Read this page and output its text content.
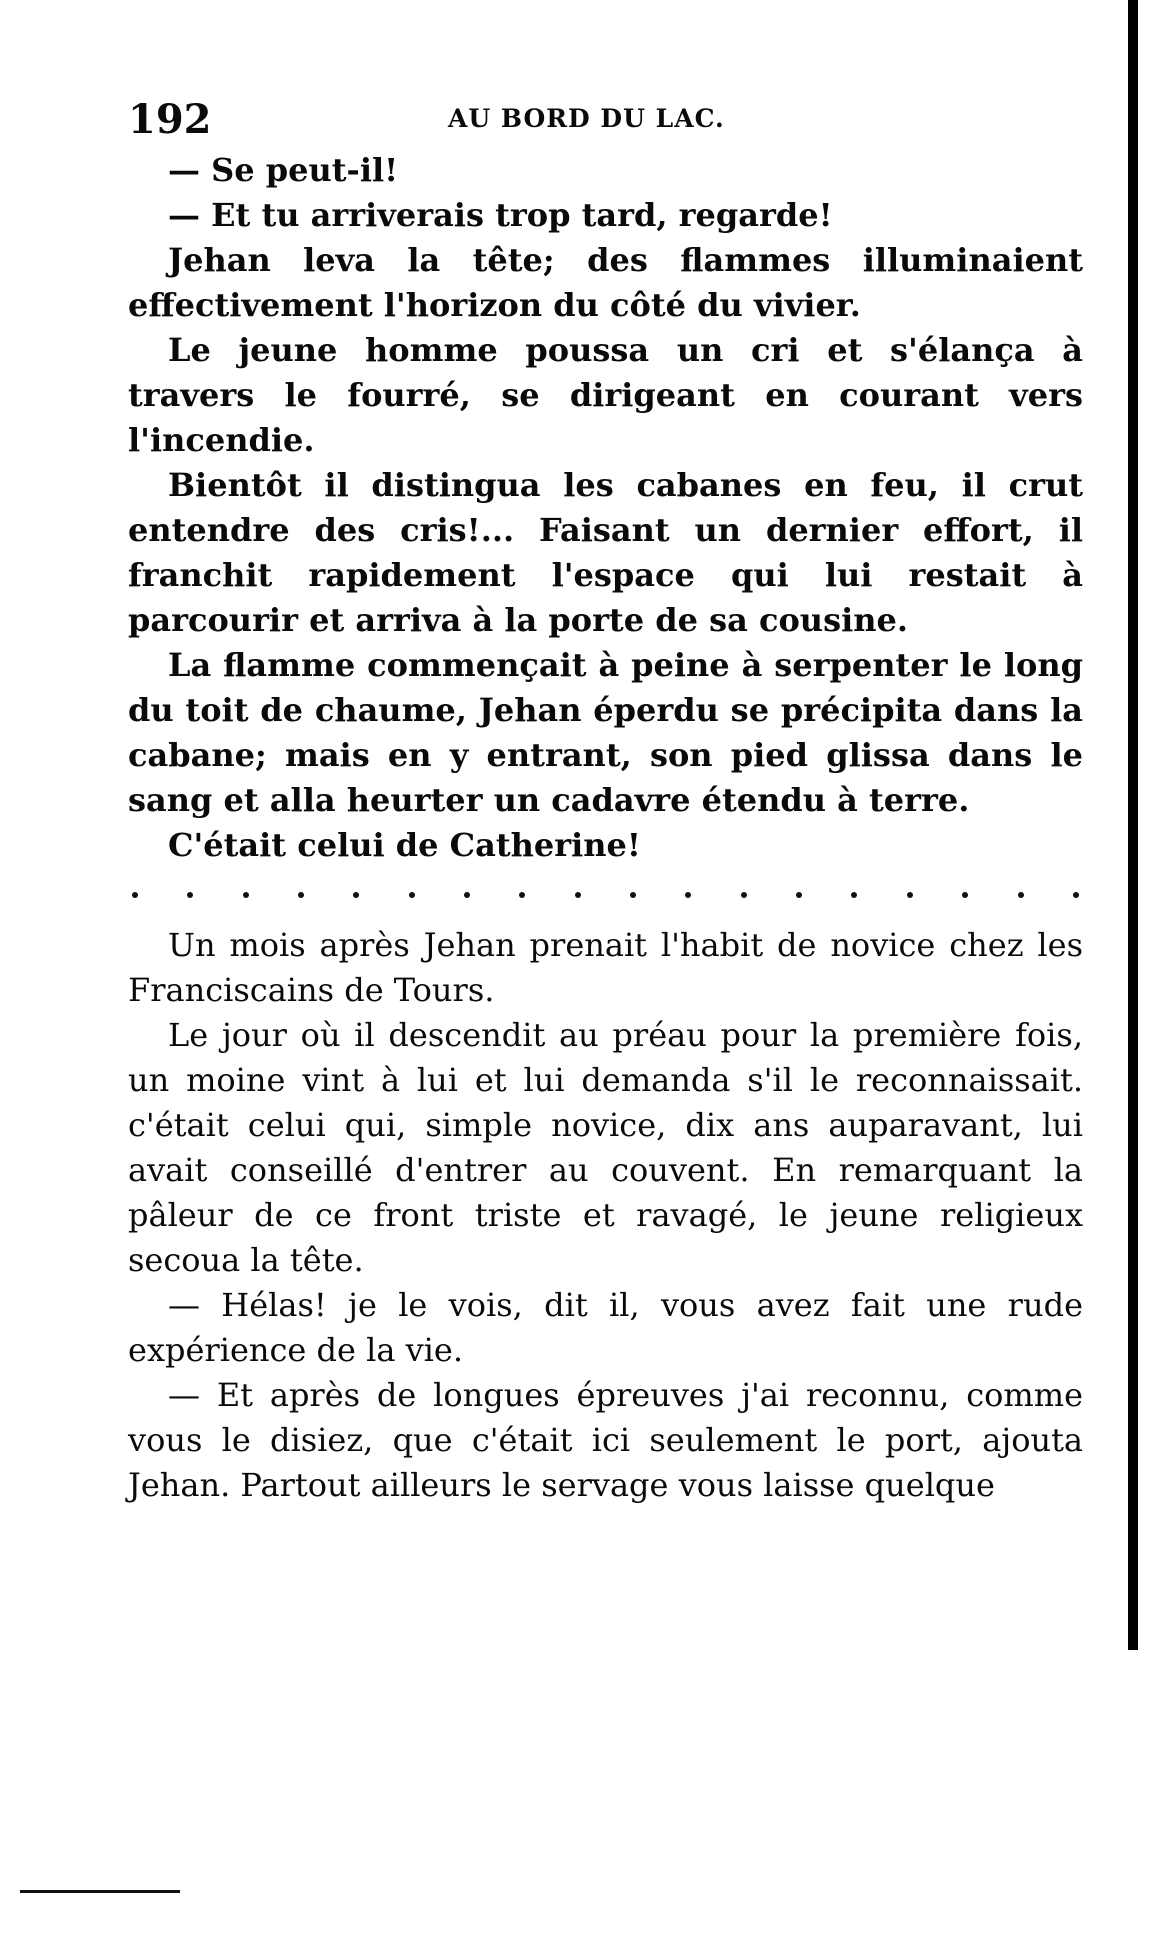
192	AU BORD DU LAC.

— Se peut-il!

— Et tu arriverais trop tard, regarde!

Jehan leva la tête; des flammes illuminaient effectivement l'horizon du côté du vivier.

Le jeune homme poussa un cri et s'élança à travers le fourré, se dirigeant en courant vers l'incendie.

Bientôt il distingua les cabanes en feu, il crut entendre des cris!... Faisant un dernier effort, il franchit rapidement l'espace qui lui restait à parcourir et arriva à la porte de sa cousine.

La flamme commençait à peine à serpenter le long du toit de chaume, Jehan éperdu se précipita dans la cabane; mais en y entrant, son pied glissa dans le sang et alla heurter un cadavre étendu à terre.

C'était celui de Catherine!

Un mois après Jehan prenait l'habit de novice chez les Franciscains de Tours.

Le jour où il descendit au préau pour la première fois, un moine vint à lui et lui demanda s'il le reconnaissait. c'était celui qui, simple novice, dix ans auparavant, lui avait conseillé d'entrer au couvent. En remarquant la pâleur de ce front triste et ravagé, le jeune religieux secoua la tête.

— Hélas! je le vois, dit il, vous avez fait une rude expérience de la vie.

— Et après de longues épreuves j'ai reconnu, comme vous le disiez, que c'était ici seulement le port, ajouta Jehan. Partout ailleurs le servage vous laisse quelque
